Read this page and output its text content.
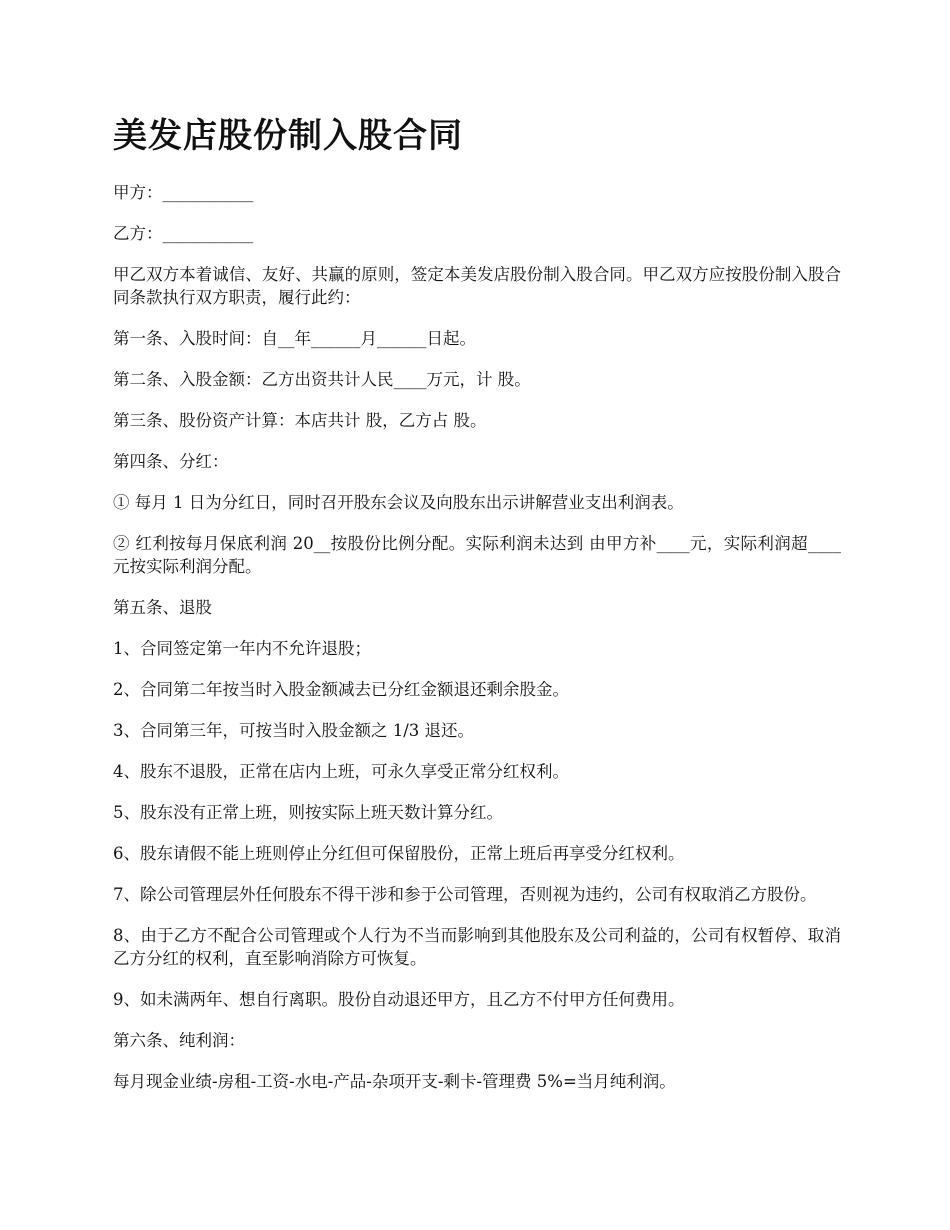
美发店股份制入股合同

甲方：___________

乙方：___________

甲乙双方本着诚信、友好、共赢的原则，签定本美发店股份制入股合同。甲乙双方应按股份制入股合同条款执行双方职责，履行此约：

第一条、入股时间：自__年______月______日起。

第二条、入股金额：乙方出资共计人民____万元，计 股。

第三条、股份资产计算：本店共计 股，乙方占 股。

第四条、分红：

① 每月 1 日为分红日，同时召开股东会议及向股东出示讲解营业支出利润表。

② 红利按每月保底利润 20__按股份比例分配。实际利润未达到 由甲方补____元，实际利润超____元按实际利润分配。

第五条、退股

1、合同签定第一年内不允许退股；

2、合同第二年按当时入股金额减去已分红金额退还剩余股金。

3、合同第三年，可按当时入股金额之 1/3 退还。

4、股东不退股，正常在店内上班，可永久享受正常分红权利。

5、股东没有正常上班，则按实际上班天数计算分红。

6、股东请假不能上班则停止分红但可保留股份，正常上班后再享受分红权利。

7、除公司管理层外任何股东不得干涉和参于公司管理，否则视为违约，公司有权取消乙方股份。

8、由于乙方不配合公司管理或个人行为不当而影响到其他股东及公司利益的，公司有权暂停、取消乙方分红的权利，直至影响消除方可恢复。

9、如未满两年、想自行离职。股份自动退还甲方，且乙方不付甲方任何费用。

第六条、纯利润：

每月现金业绩-房租-工资-水电-产品-杂项开支-剩卡-管理费 5%=当月纯利润。
